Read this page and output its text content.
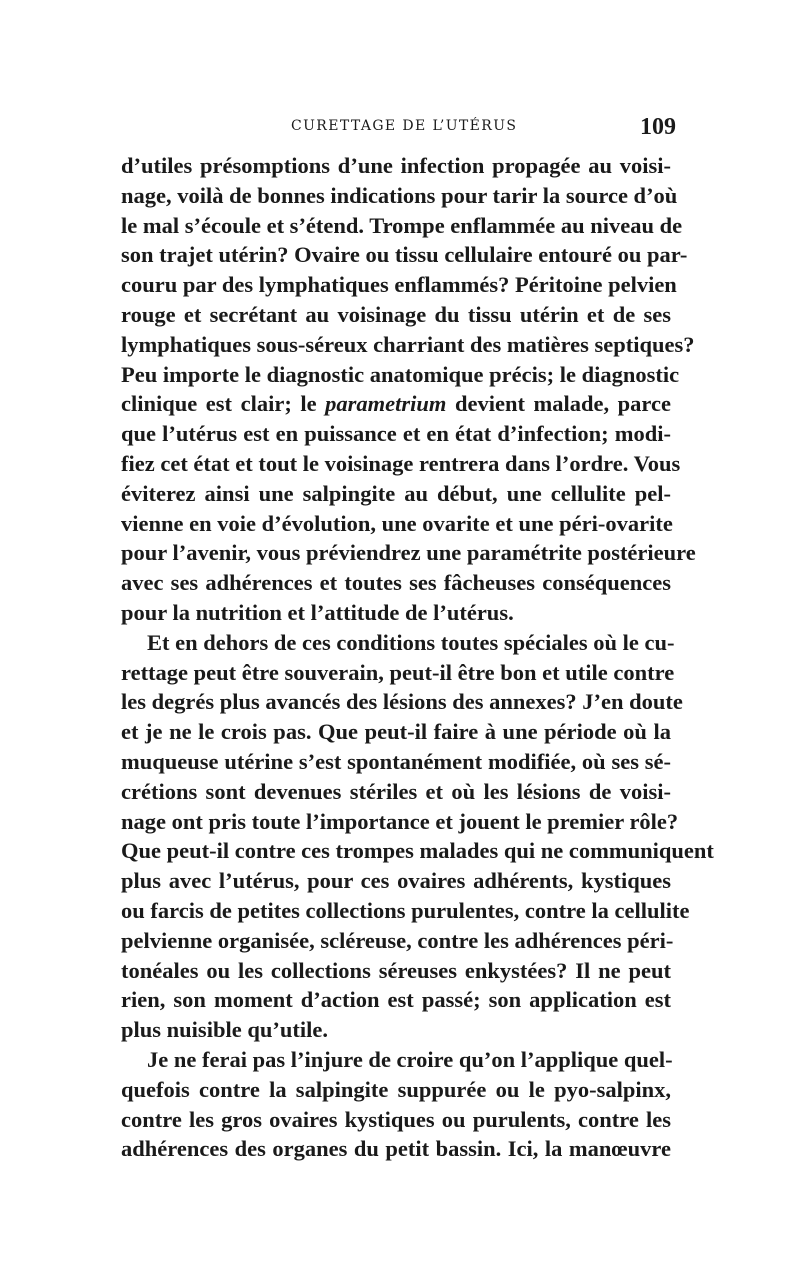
CURETTAGE DE L’UTÉRUS	109
d’utiles présomptions d’une infection propagée au voisi-
nage, voilà de bonnes indications pour tarir la source d’où
le mal s’écoule et s’étend. Trompe enflammée au niveau de
son trajet utérin? Ovaire ou tissu cellulaire entouré ou par-
couru par des lymphatiques enflammés? Péritoine pelvien
rouge et secrétant au voisinage du tissu utérin et de ses
lymphatiques sous-séreux charriant des matières septiques?
Peu importe le diagnostic anatomique précis; le diagnostic
clinique est clair; le parametrium devient malade, parce
que l’utérus est en puissance et en état d’infection; modi-
fiez cet état et tout le voisinage rentrera dans l’ordre. Vous
éviterez ainsi une salpingite au début, une cellulite pel-
vienne en voie d’évolution, une ovarite et une péri-ovarite
pour l’avenir, vous préviendrez une paramétrite postérieure
avec ses adhérences et toutes ses fâcheuses conséquences
pour la nutrition et l’attitude de l’utérus.
Et en dehors de ces conditions toutes spéciales où le cu-
rettage peut être souverain, peut-il être bon et utile contre
les degrés plus avancés des lésions des annexes? J’en doute
et je ne le crois pas. Que peut-il faire à une période où la
muqueuse utérine s’est spontanément modifiée, où ses sé-
crétions sont devenues stériles et où les lésions de voisi-
nage ont pris toute l’importance et jouent le premier rôle?
Que peut-il contre ces trompes malades qui ne communiquent
plus avec l’utérus, pour ces ovaires adhérents, kystiques
ou farcis de petites collections purulentes, contre la cellulite
pelvienne organisée, scléreuse, contre les adhérences péri-
tonéales ou les collections séreuses enkystées? Il ne peut
rien, son moment d’action est passé; son application est
plus nuisible qu’utile.
Je ne ferai pas l’injure de croire qu’on l’applique quel-
quefois contre la salpingite suppurée ou le pyo-salpinx,
contre les gros ovaires kystiques ou purulents, contre les
adhérences des organes du petit bassin. Ici, la manœuvre
